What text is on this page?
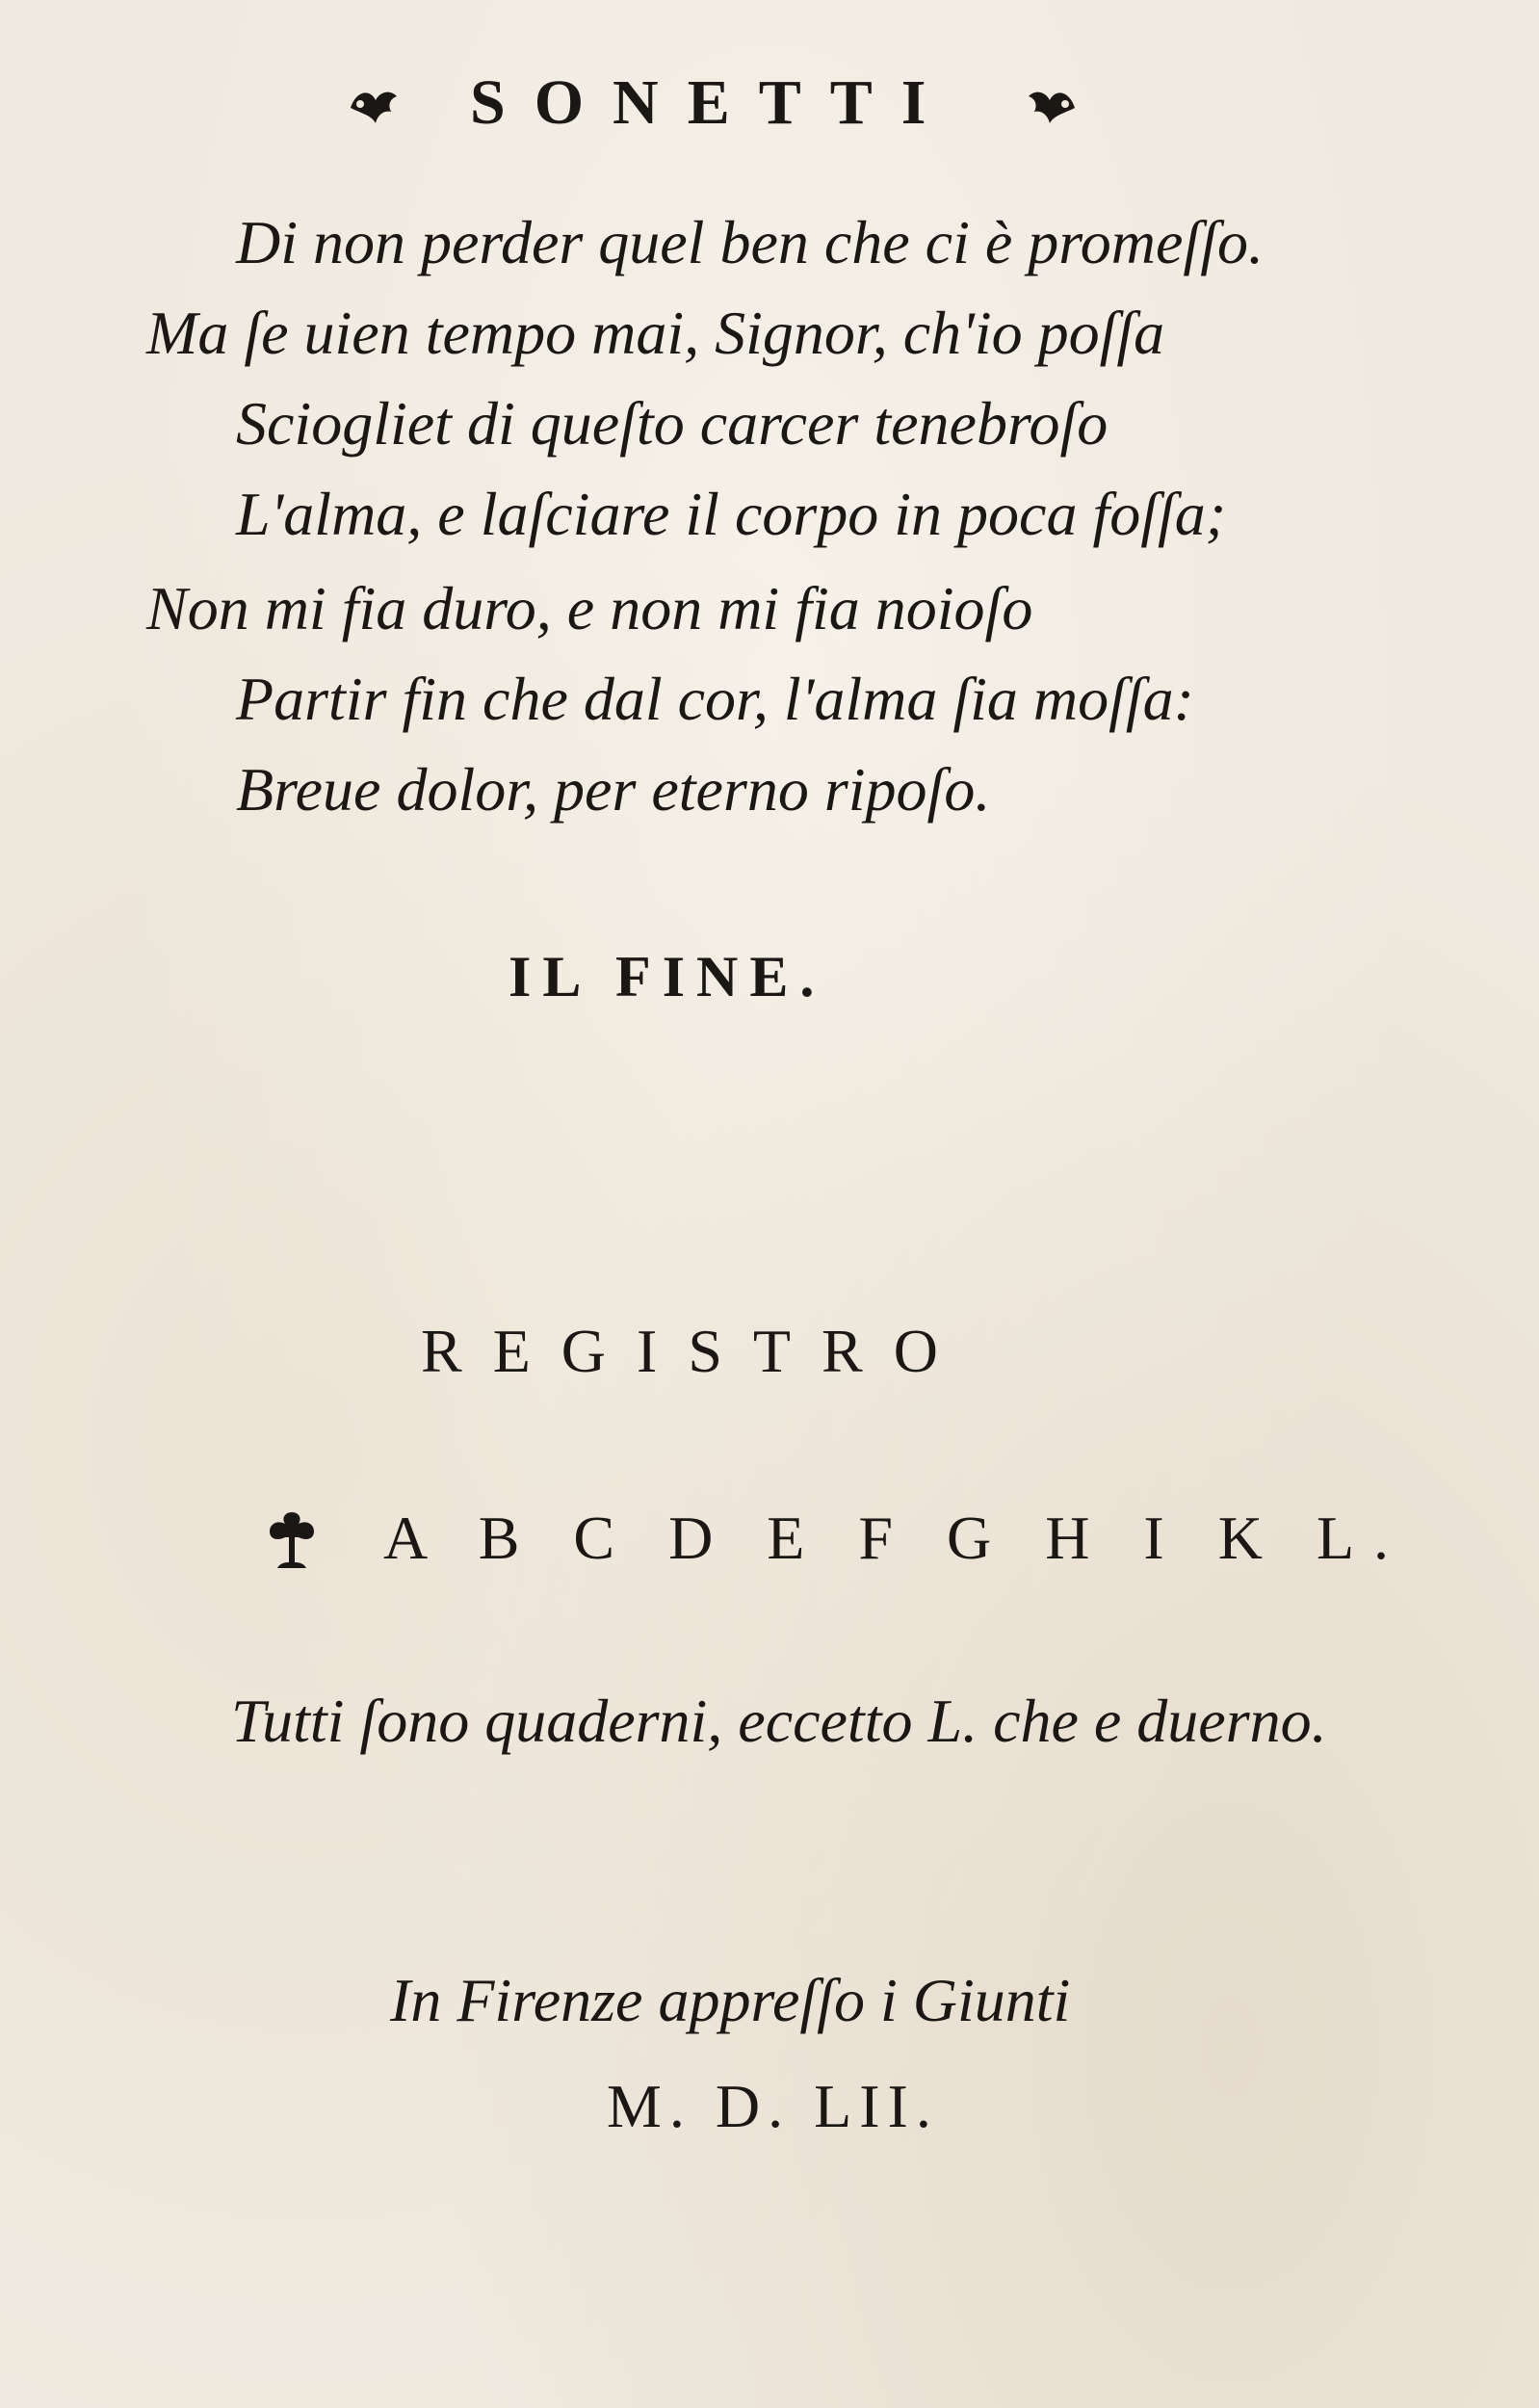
SONETTI
Di non perder quel ben che ci è promeſſo.
Ma ſe uien tempo mai, Signor, ch'io poſſa
Sciogliet di queſto carcer tenebroſo
L'alma, e laſciare il corpo in poca foſſa;
Non mi fia duro, e non mi fia noioſo
Partir fin che dal cor, l'alma ſia moſſa:
Breue dolor, per eterno ripoſo.
IL FINE.
REGISTRO
A B C D E F G H I K L.
Tutti ſono quaderni, eccetto L. che e duerno.
In Firenze appreſſo i Giunti
M. D. LII.
